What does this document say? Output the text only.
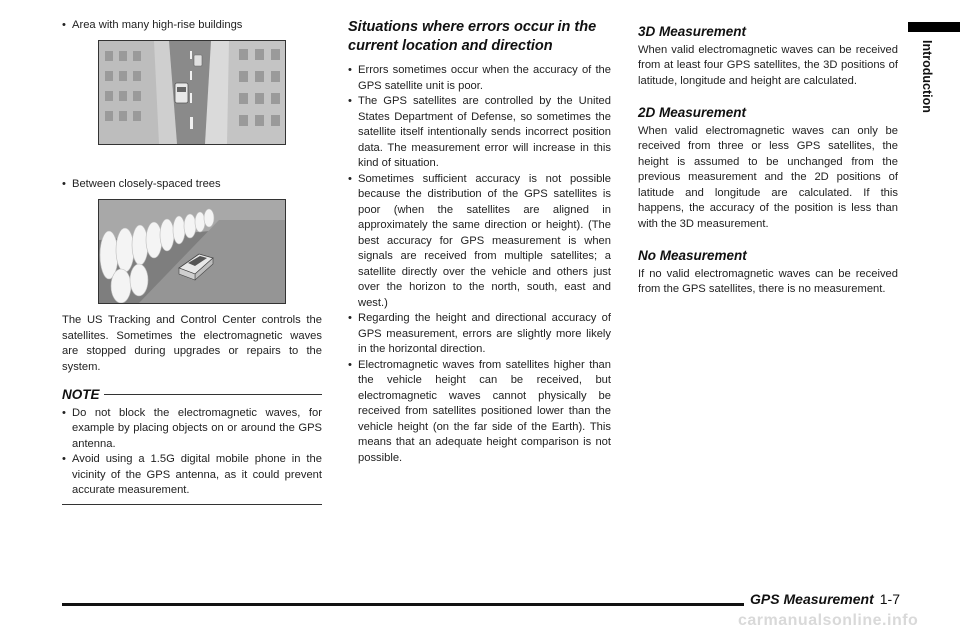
• Area with many high-rise buildings
• Between closely-spaced trees
The US Tracking and Control Center controls the satellites. Sometimes the electromagnetic waves are stopped during upgrades or repairs to the system.
NOTE
• Do not block the electromagnetic waves, for example by placing objects on or around the GPS antenna.
• Avoid using a 1.5G digital mobile phone in the vicinity of the GPS antenna, as it could prevent accurate measurement.
Situations where errors occur in the current location and direction
• Errors sometimes occur when the accuracy of the GPS satellite unit is poor.
• The GPS satellites are controlled by the United States Department of Defense, so sometimes the satellite itself intentionally sends incorrect position data. The measurement error will increase in this kind of situation.
• Sometimes sufficient accuracy is not possible because the distribution of the GPS satellites is poor (when the satellites are aligned in approximately the same direction or height). (The best accuracy for GPS measurement is when signals are received from multiple satellites; a satellite directly over the vehicle and others just over the horizon to the north, south, east and west.)
• Regarding the height and directional accuracy of GPS measurement, errors are slightly more likely in the horizontal direction.
• Electromagnetic waves from satellites higher than the vehicle height can be received, but electromagnetic waves cannot physically be received from satellites positioned lower than the vehicle height (on the far side of the Earth). This means that an adequate height comparison is not possible.
3D Measurement
When valid electromagnetic waves can be received from at least four GPS satellites, the 3D positions of latitude, longitude and height are calculated.
2D Measurement
When valid electromagnetic waves can only be received from three or less GPS satellites, the height is assumed to be unchanged from the previous measurement and the 2D positions of latitude and longitude are calculated. If this happens, the accuracy of the position is less than with the 3D measurement.
No Measurement
If no valid electromagnetic waves can be received from the GPS satellites, there is no measurement.
Introduction
GPS Measurement 1-7
carmanualsonline.info
